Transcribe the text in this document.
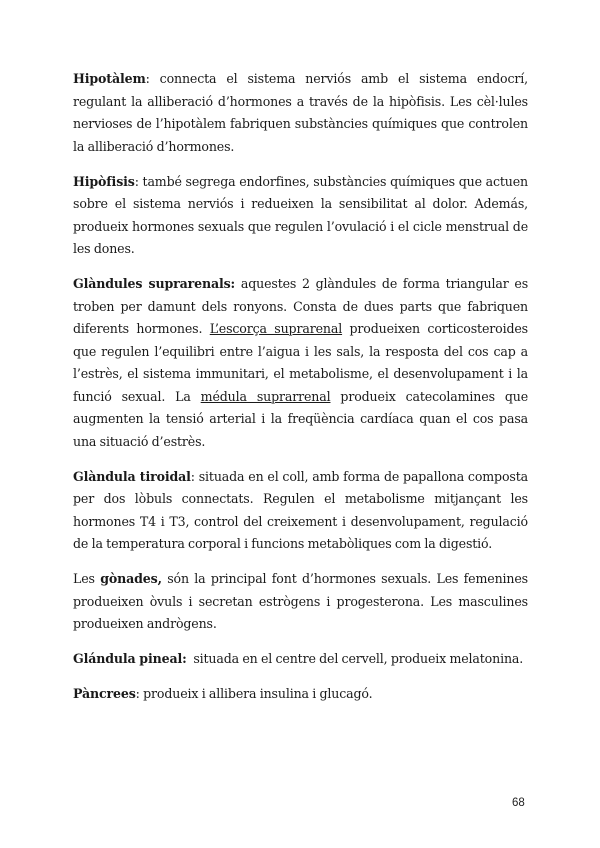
Hipotàlem: connecta el sistema nerviós amb el sistema endocrí, regulant la alliberació d’hormones a través de la hipòfisis. Les cèl·lules nervioses de l’hipotàlem fabriquen substàncies químiques que controlen la alliberació d’hormones.

Hipòfisis: també segrega endorfines, substàncies químiques que actuen sobre el sistema nerviós i redueixen la sensibilitat al dolor. Además, produeix hormones sexuals que regulen l’ovulació i el cicle menstrual de les dones.

Glàndules suprarenals: aquestes 2 glàndules de forma triangular es troben per damunt dels ronyons. Consta de dues parts que fabriquen diferents hormones. L’escorça suprarenal produeixen corticosteroides que regulen l’equilibri entre l’aigua i les sals, la resposta del cos cap a l’estrès, el sistema immunitari, el metabolisme, el desenvolupament i la funció sexual. La médula suprarrenal produeix catecolamines que augmenten la tensió arterial i la freqüència cardíaca quan el cos pasa una situació d’estrès.

Glàndula tiroidal: situada en el coll, amb forma de papallona composta per dos lòbuls connectats. Regulen el metabolisme mitjançant les hormones T4 i T3, control del creixement i desenvolupament, regulació de la temperatura corporal i funcions metabòliques com la digestió.

Les gònades, són la principal font d’hormones sexuals. Les femenines produeixen òvuls i secretan estrògens i progesterona. Les masculines produeixen andrògens.

Glándula pineal:  situada en el centre del cervell, produeix melatonina.

Pàncrees: produeix i allibera insulina i glucagó.

68
